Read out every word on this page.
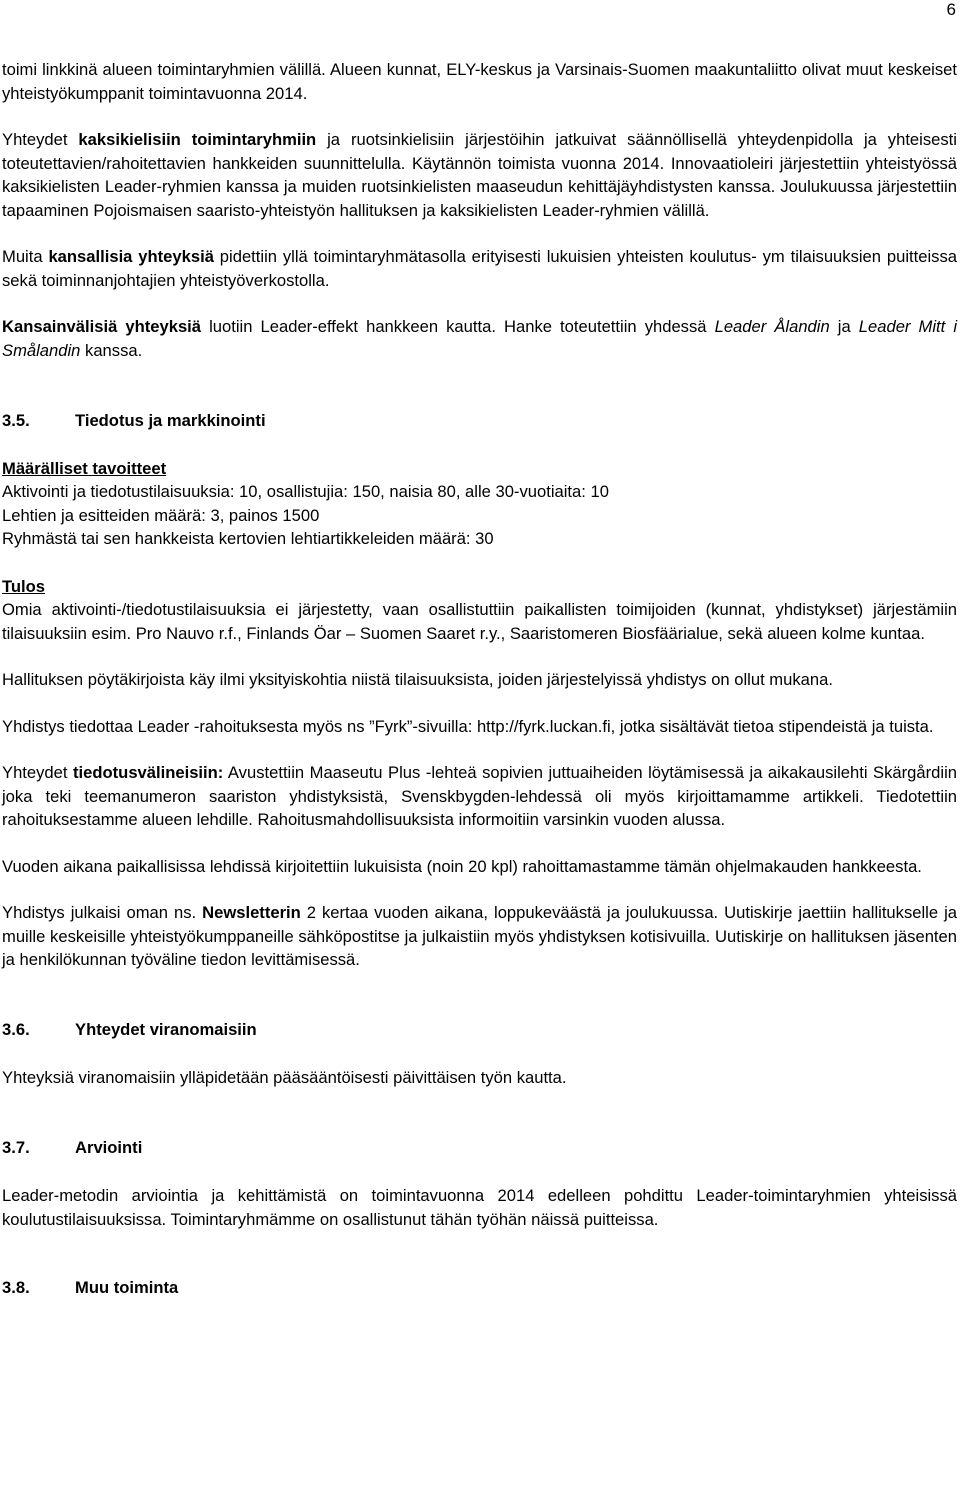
6

toimi linkkinä alueen toimintaryhmien välillä. Alueen kunnat, ELY-keskus ja Varsinais-Suomen maakuntaliitto olivat muut keskeiset yhteistyökumppanit toimintavuonna 2014.

Yhteydet kaksikielisiin toimintaryhmiin ja ruotsinkielisiin järjestöihin jatkuivat säännöllisellä yhteydenpidolla ja yhteisesti toteutettavien/rahoitettavien hankkeiden suunnittelulla. Käytännön toimista vuonna 2014. Innovaatioleiri järjestettiin yhteistyössä kaksikielisten Leader-ryhmien kanssa ja muiden ruotsinkielisten maaseudun kehittäjäyhdistysten kanssa. Joulukuussa järjestettiin tapaaminen Pojoismaisen saaristo-yhteistyön hallituksen ja kaksikielisten Leader-ryhmien välillä.

Muita kansallisia yhteyksiä pidettiin yllä toimintaryhmätasolla erityisesti lukuisien yhteisten koulutus- ym tilaisuuksien puitteissa sekä toiminnanjohtajien yhteistyöverkostolla.

Kansainvälisiä yhteyksiä luotiin Leader-effekt hankkeen kautta. Hanke toteutettiin yhdessä Leader Ålandin ja Leader Mitt i Smålandin kanssa.

3.5.	Tiedotus ja markkinointi
Määrälliset tavoitteet
Aktivointi ja tiedotustilaisuuksia: 10, osallistujia: 150, naisia 80, alle 30-vuotiaita: 10
Lehtien ja esitteiden määrä: 3, painos 1500
Ryhmästä tai sen hankkeista kertovien lehtiartikkeleiden määrä: 30
Tulos

Omia aktivointi-/tiedotustilaisuuksia ei järjestetty, vaan osallistuttiin paikallisten toimijoiden (kunnat, yhdistykset) järjestämiin tilaisuuksiin esim. Pro Nauvo r.f., Finlands Öar – Suomen Saaret r.y., Saaristomeren Biosfäärialue, sekä alueen kolme kuntaa.

Hallituksen pöytäkirjoista käy ilmi yksityiskohtia niistä tilaisuuksista, joiden järjestelyissä yhdistys on ollut mukana.

Yhdistys tiedottaa Leader -rahoituksesta myös ns ”Fyrk”-sivuilla: http://fyrk.luckan.fi, jotka sisältävät tietoa stipendeistä ja tuista.

Yhteydet tiedotusvälineisiin: Avustettiin Maaseutu Plus -lehteä sopivien juttuaiheiden löytämisessä ja aikakausilehti Skärgårdiin joka teki teemanumeron saariston yhdistyksistä, Svenskbygden-lehdessä oli myös kirjoittamamme artikkeli. Tiedotettiin rahoituksestamme alueen lehdille. Rahoitusmahdollisuuksista informoitiin varsinkin vuoden alussa.

Vuoden aikana paikallisissa lehdissä kirjoitettiin lukuisista (noin 20 kpl) rahoittamastamme tämän ohjelmakauden hankkeesta.

Yhdistys julkaisi oman ns. Newsletterin 2 kertaa vuoden aikana, loppukeväästä ja joulukuussa. Uutiskirje jaettiin hallitukselle ja muille keskeisille yhteistyökumppaneille sähköpostitse ja julkaistiin myös yhdistyksen kotisivuilla. Uutiskirje on hallituksen jäsenten ja henkilökunnan työväline tiedon levittämisessä.

3.6.	Yhteydet viranomaisiin

Yhteyksiä viranomaisiin ylläpidetään pääsääntöisesti päivittäisen työn kautta.

3.7.	Arviointi

Leader-metodin arviointia ja kehittämistä on toimintavuonna 2014 edelleen pohdittu Leader-toimintaryhmien yhteisissä koulutustilaisuuksissa. Toimintaryhmämme on osallistunut tähän työhän näissä puitteissa.

3.8.	Muu toiminta
